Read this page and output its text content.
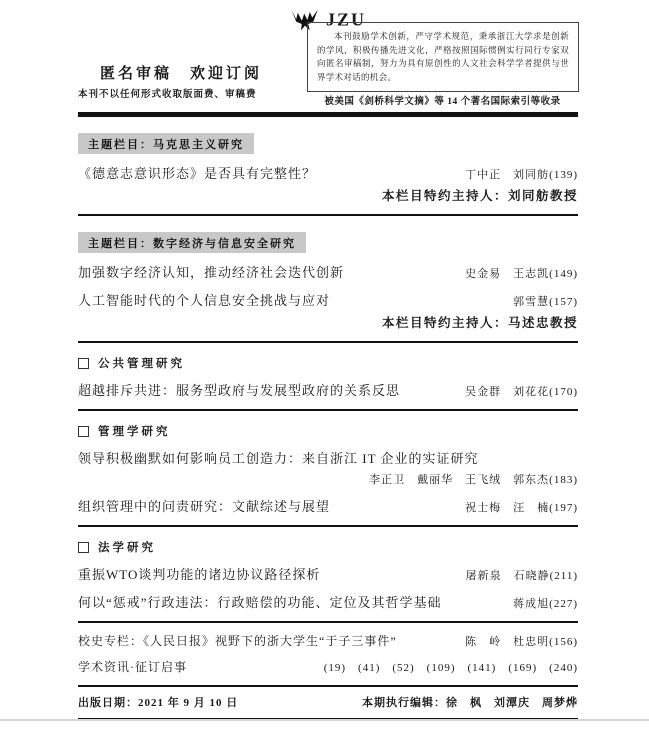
JZU
本刊鼓励学术创新，严守学术规范，秉承浙江大学求是创新的学风，积极传播先进文化，严格按照国际惯例实行同行专家双向匿名审稿制，努力为具有原创性的人文社会科学学者提供与世界学术对话的机会。
匿名审稿　欢迎订阅
本刊不以任何形式收取版面费、审稿费
被美国《剑桥科学文摘》等 14 个著名国际索引等收录
主题栏目：马克思主义研究
《德意志意识形态》是否具有完整性？	丁中正　刘同舫(139)
本栏目特约主持人：刘同舫教授
主题栏目：数字经济与信息安全研究
加强数字经济认知，推动经济社会迭代创新	史金易　王志凯(149)
人工智能时代的个人信息安全挑战与应对	郭雪慧(157)
本栏目特约主持人：马述忠教授
公共管理研究
超越排斥共进：服务型政府与发展型政府的关系反思	吴金群　刘花花(170)
管理学研究
领导积极幽默如何影响员工创造力：来自浙江 IT 企业的实证研究
李正卫　戴丽华　王飞绒　郭东杰(183)
组织管理中的问责研究：文献综述与展望	祝士梅　汪　楠(197)
法学研究
重振WTO谈判功能的诸边协议路径探析	屠新泉　石晓静(211)
何以“惩戒”行政违法：行政赔偿的功能、定位及其哲学基础	蒋成旭(227)
校史专栏：《人民日报》视野下的浙大学生“于子三事件”	陈　岭　杜忠明(156)
学术资讯·征订启事	(19)　(41)　(52)　(109)　(141)　(169)　(240)
出版日期：2021 年 9 月 10 日	本期执行编辑：徐　枫　刘潭庆　周梦烨
